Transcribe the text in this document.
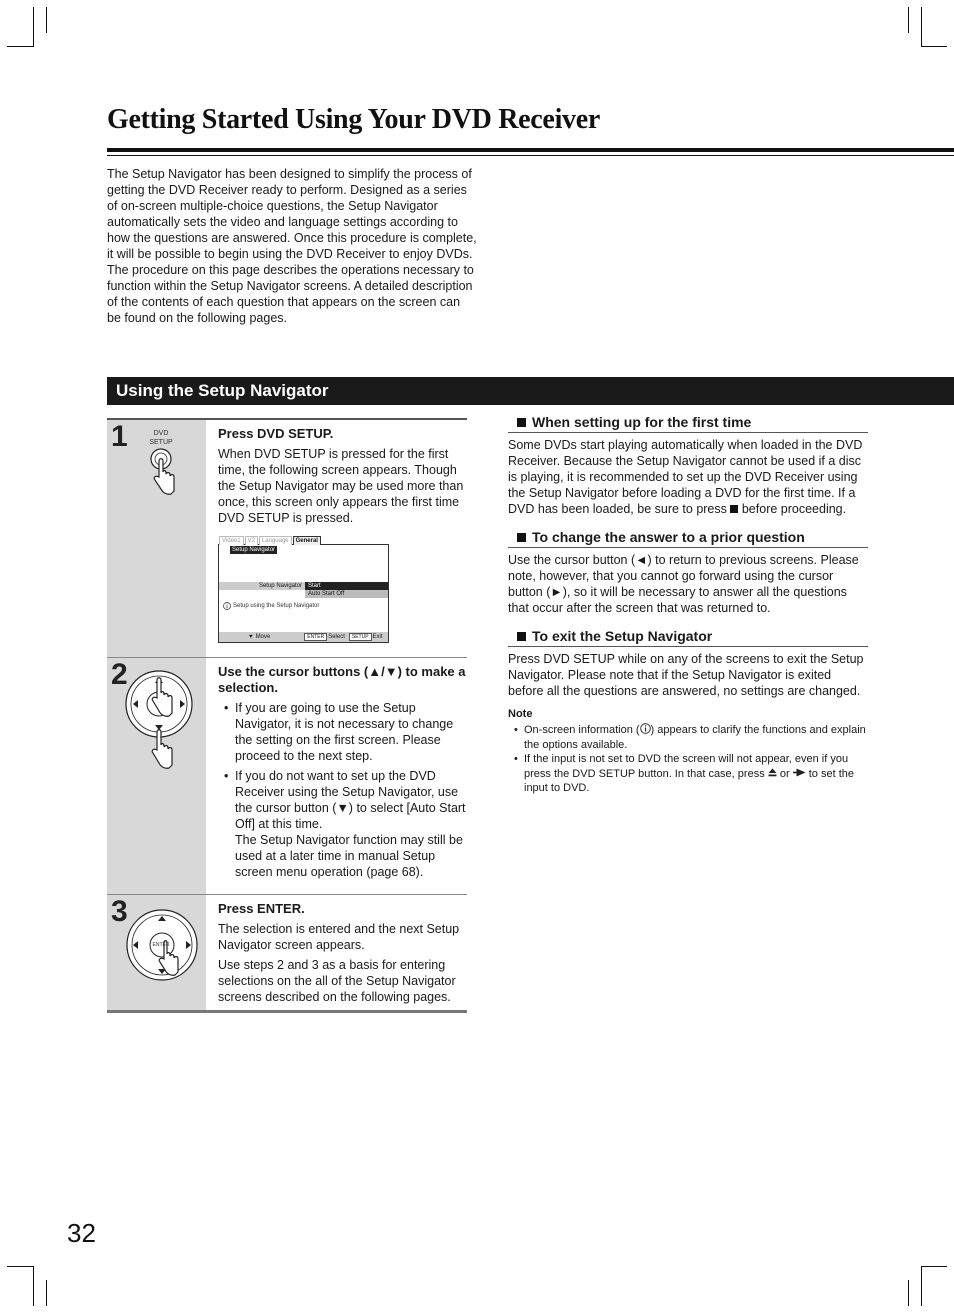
Getting Started Using Your DVD Receiver

The Setup Navigator has been designed to simplify the process of getting the DVD Receiver ready to perform. Designed as a series of on-screen multiple-choice questions, the Setup Navigator automatically sets the video and language settings according to how the questions are answered. Once this procedure is complete, it will be possible to begin using the DVD Receiver to enjoy DVDs.

The procedure on this page describes the operations necessary to function within the Setup Navigator screens. A detailed description of the contents of each question that appears on the screen can be found on the following pages.

Using the Setup Navigator
1	DVD
SETUP
Press DVD SETUP.

When DVD SETUP is pressed for the first time, the following screen appears. Though the Setup Navigator may be used more than once, this screen only appears the first time DVD SETUP is pressed.

Video1	V2	Language	General
Setup Navigator
Setup Navigator	Start
Auto Start Off
Setup using the Setup Navigator
♥ Move	ENTER Select	SETUP Exit
2	Use the cursor buttons (▲/▼) to make a selection.
• If you are going to use the Setup Navigator, it is not necessary to change the setting on the first screen. Please proceed to the next step.
• If you do not want to set up the DVD Receiver using the Setup Navigator, use the cursor button (▼) to select [Auto Start Off] at this time.
The Setup Navigator function may still be used at a later time in manual Setup screen menu operation (page 68).
3
ENTER
Press ENTER.

The selection is entered and the next Setup Navigator screen appears.

Use steps 2 and 3 as a basis for entering selections on the all of the Setup Navigator screens described on the following pages.

When setting up for the first time

Some DVDs start playing automatically when loaded in the DVD Receiver. Because the Setup Navigator cannot be used if a disc is playing, it is recommended to set up the DVD Receiver using the Setup Navigator before loading a DVD for the first time. If a DVD has been loaded, be sure to press before proceeding.

To change the answer to a prior question

Use the cursor button (◄) to return to previous screens. Please note, however, that you cannot go forward using the cursor button (►), so it will be necessary to answer all the questions that occur after the screen that was returned to.

To exit the Setup Navigator

Press DVD SETUP while on any of the screens to exit the Setup Navigator. Please note that if the Setup Navigator is exited before all the questions are answered, no settings are changed.

Note
• On-screen information ( ) appears to clarify the functions and explain the options available.
• If the input is not set to DVD the screen will not appear, even if you press the DVD SETUP button. In that case, press or to set the input to DVD.
32
